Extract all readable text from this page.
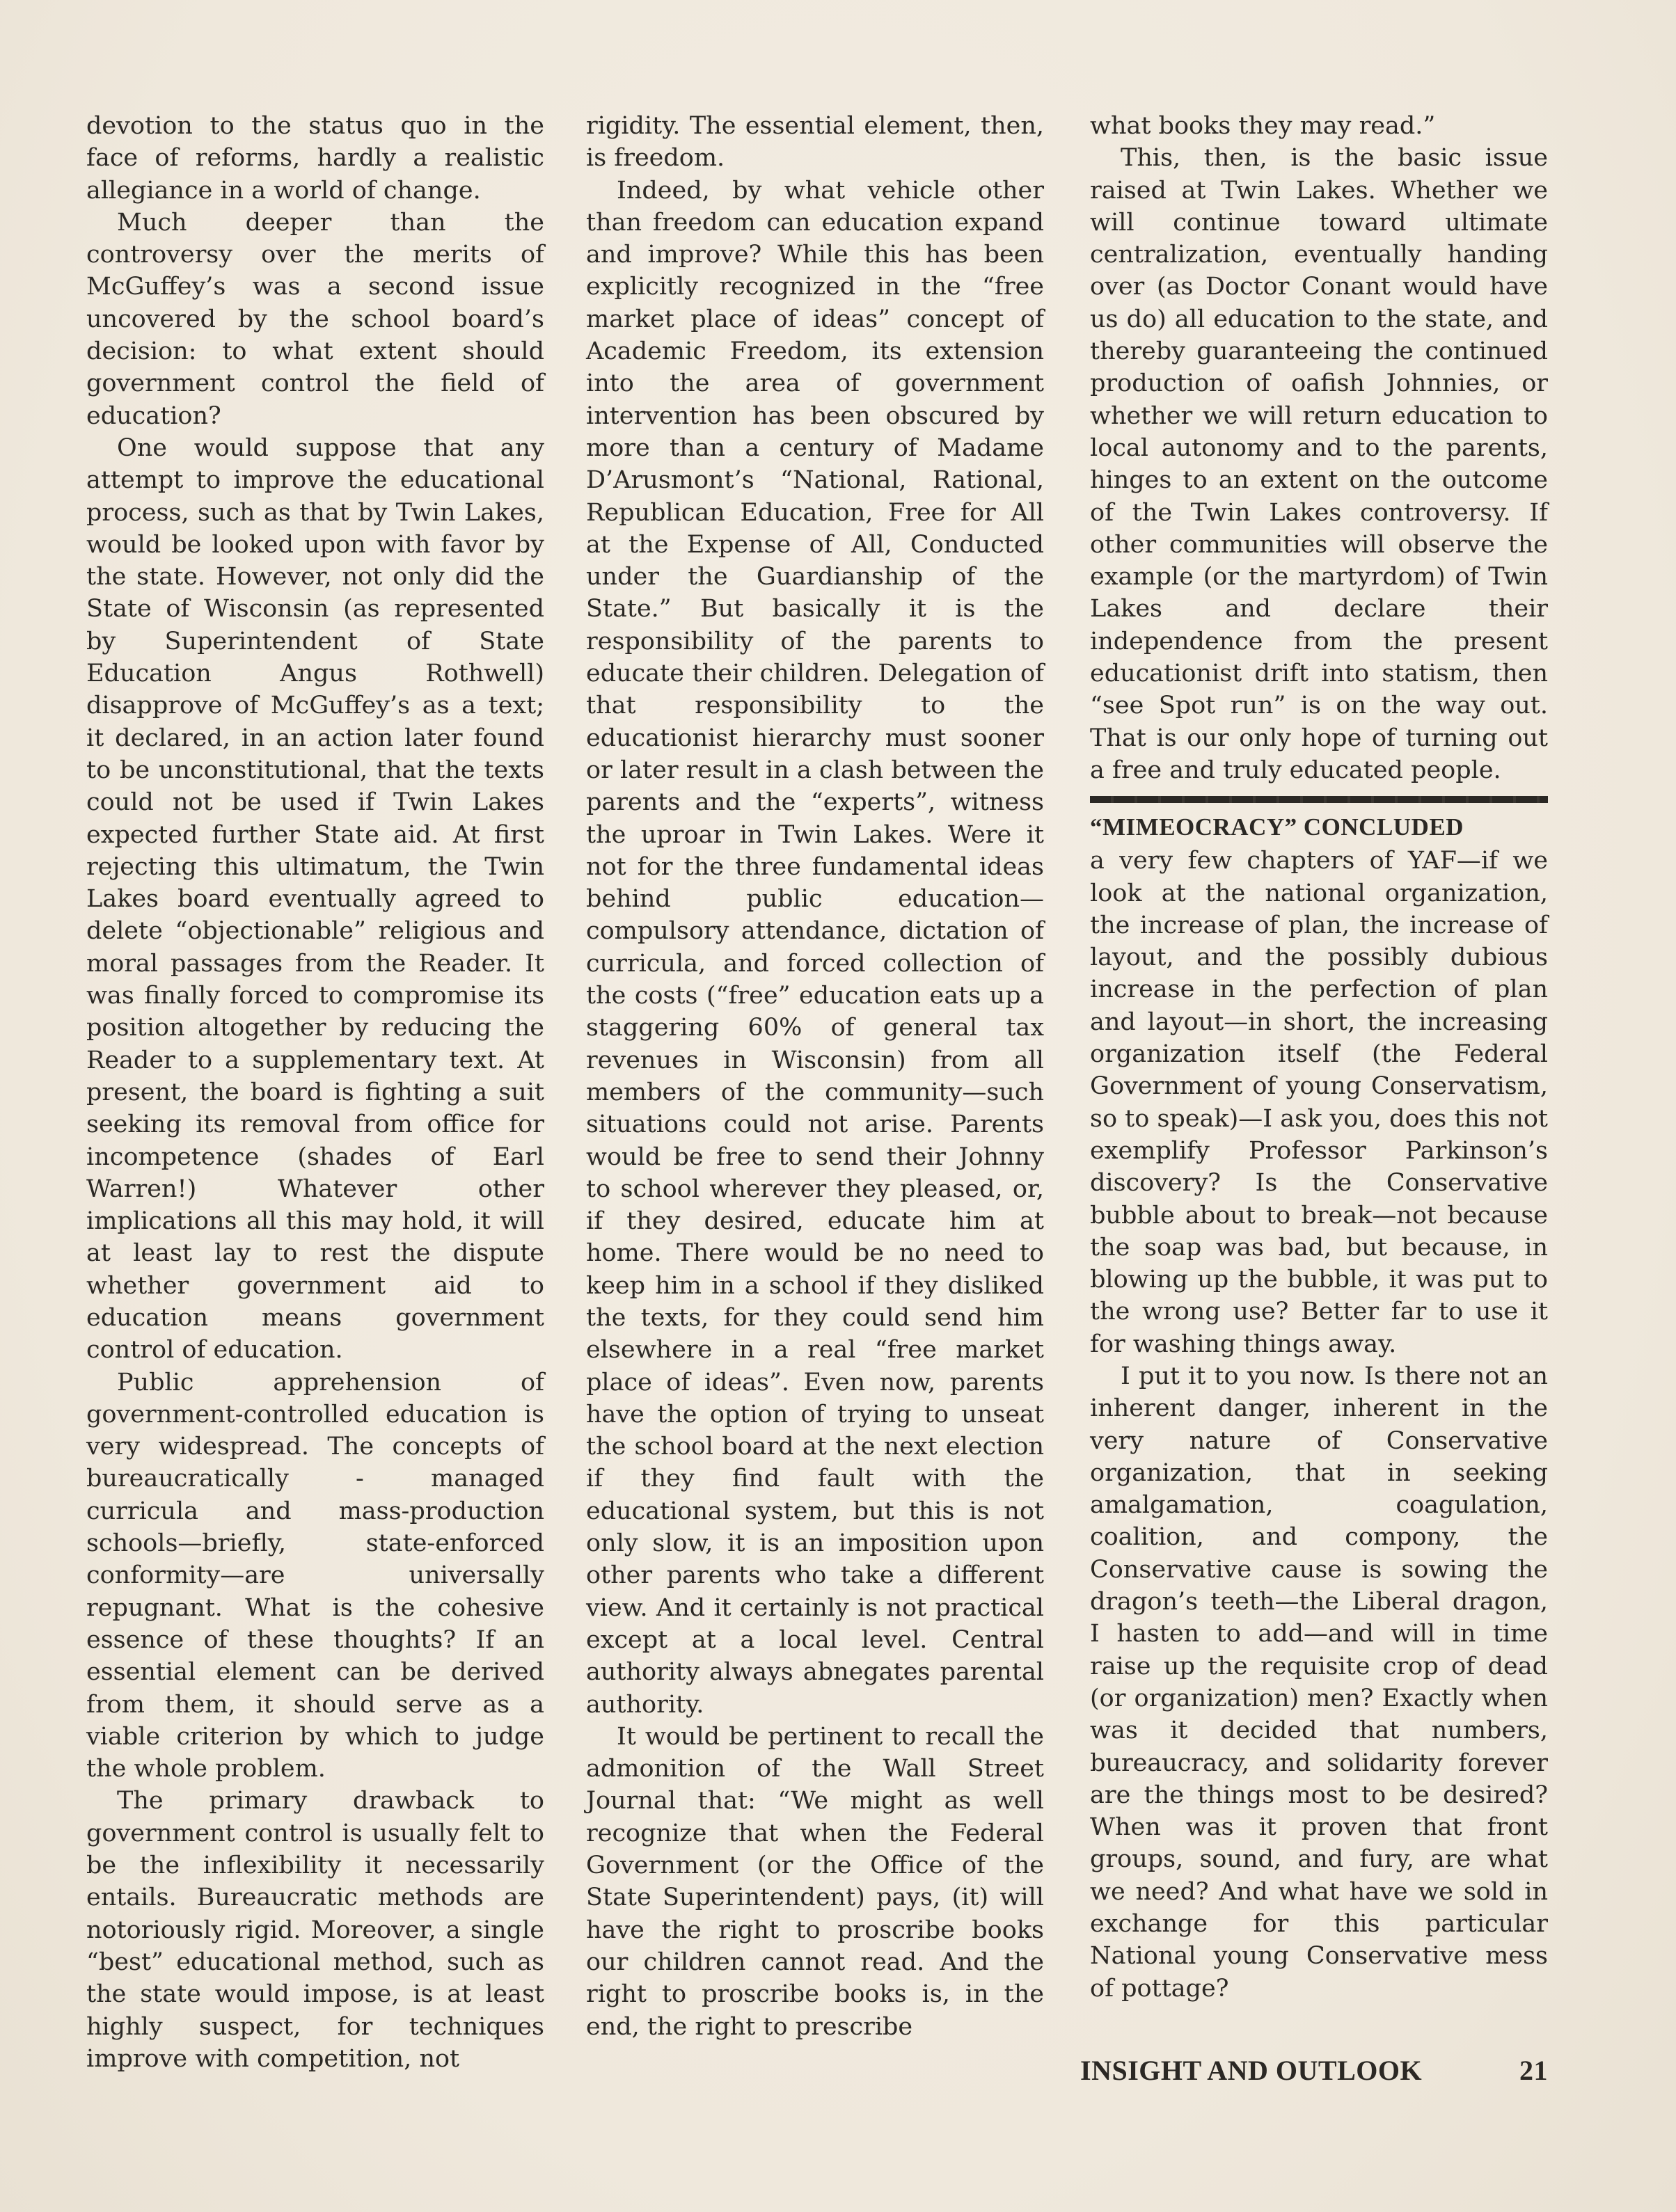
devotion to the status quo in the face of reforms, hardly a realistic allegiance in a world of change.

Much deeper than the controversy over the merits of McGuffey’s was a second issue uncovered by the school board’s decision: to what extent should government control the field of education?

One would suppose that any attempt to improve the educational process, such as that by Twin Lakes, would be looked upon with favor by the state. However, not only did the State of Wisconsin (as represented by Superintendent of State Education Angus Rothwell) disapprove of McGuffey’s as a text; it declared, in an action later found to be unconstitutional, that the texts could not be used if Twin Lakes expected further State aid. At first rejecting this ultimatum, the Twin Lakes board eventually agreed to delete “objectionable” religious and moral passages from the Reader. It was finally forced to compromise its position altogether by reducing the Reader to a supplementary text. At present, the board is fighting a suit seeking its removal from office for incompetence (shades of Earl Warren!) Whatever other implications all this may hold, it will at least lay to rest the dispute whether government aid to education means government control of education.

Public apprehension of government-controlled education is very widespread. The concepts of bureaucratically - managed curricula and mass-production schools—briefly, state-enforced conformity—are universally repugnant. What is the cohesive essence of these thoughts? If an essential element can be derived from them, it should serve as a viable criterion by which to judge the whole problem.

The primary drawback to government control is usually felt to be the inflexibility it necessarily entails. Bureaucratic methods are notoriously rigid. Moreover, a single “best” educational method, such as the state would impose, is at least highly suspect, for techniques improve with competition, not

rigidity. The essential element, then, is freedom.

Indeed, by what vehicle other than freedom can education expand and improve? While this has been explicitly recognized in the “free market place of ideas” concept of Academic Freedom, its extension into the area of government intervention has been obscured by more than a century of Madame D’Arusmont’s “National, Rational, Republican Education, Free for All at the Expense of All, Conducted under the Guardianship of the State.” But basically it is the responsibility of the parents to educate their children. Delegation of that responsibility to the educationist hierarchy must sooner or later result in a clash between the parents and the “experts”, witness the uproar in Twin Lakes. Were it not for the three fundamental ideas behind public education—compulsory attendance, dictation of curricula, and forced collection of the costs (“free” education eats up a staggering 60% of general tax revenues in Wisconsin) from all members of the community—such situations could not arise. Parents would be free to send their Johnny to school wherever they pleased, or, if they desired, educate him at home. There would be no need to keep him in a school if they disliked the texts, for they could send him elsewhere in a real “free market place of ideas”. Even now, parents have the option of trying to unseat the school board at the next election if they find fault with the educational system, but this is not only slow, it is an imposition upon other parents who take a different view. And it certainly is not practical except at a local level. Central authority always abnegates parental authority.

It would be pertinent to recall the admonition of the Wall Street Journal that: “We might as well recognize that when the Federal Government (or the Office of the State Superintendent) pays, (it) will have the right to proscribe books our children cannot read. And the right to proscribe books is, in the end, the right to prescribe

what books they may read.”

This, then, is the basic issue raised at Twin Lakes. Whether we will continue toward ultimate centralization, eventually handing over (as Doctor Conant would have us do) all education to the state, and thereby guaranteeing the continued production of oafish Johnnies, or whether we will return education to local autonomy and to the parents, hinges to an extent on the outcome of the Twin Lakes controversy. If other communities will observe the example (or the martyrdom) of Twin Lakes and declare their independence from the present educationist drift into statism, then “see Spot run” is on the way out. That is our only hope of turning out a free and truly educated people.

“MIMEOCRACY” CONCLUDED

a very few chapters of YAF—if we look at the national organization, the increase of plan, the increase of layout, and the possibly dubious increase in the perfection of plan and layout—in short, the increasing organization itself (the Federal Government of young Conservatism, so to speak)—I ask you, does this not exemplify Professor Parkinson’s discovery? Is the Conservative bubble about to break—not because the soap was bad, but because, in blowing up the bubble, it was put to the wrong use? Better far to use it for washing things away.

I put it to you now. Is there not an inherent danger, inherent in the very nature of Conservative organization, that in seeking amalgamation, coagulation, coalition, and compony, the Conservative cause is sowing the dragon’s teeth—the Liberal dragon, I hasten to add—and will in time raise up the requisite crop of dead (or organization) men? Exactly when was it decided that numbers, bureaucracy, and solidarity forever are the things most to be desired? When was it proven that front groups, sound, and fury, are what we need? And what have we sold in exchange for this particular National young Conservative mess of pottage?

INSIGHT AND OUTLOOK	21
